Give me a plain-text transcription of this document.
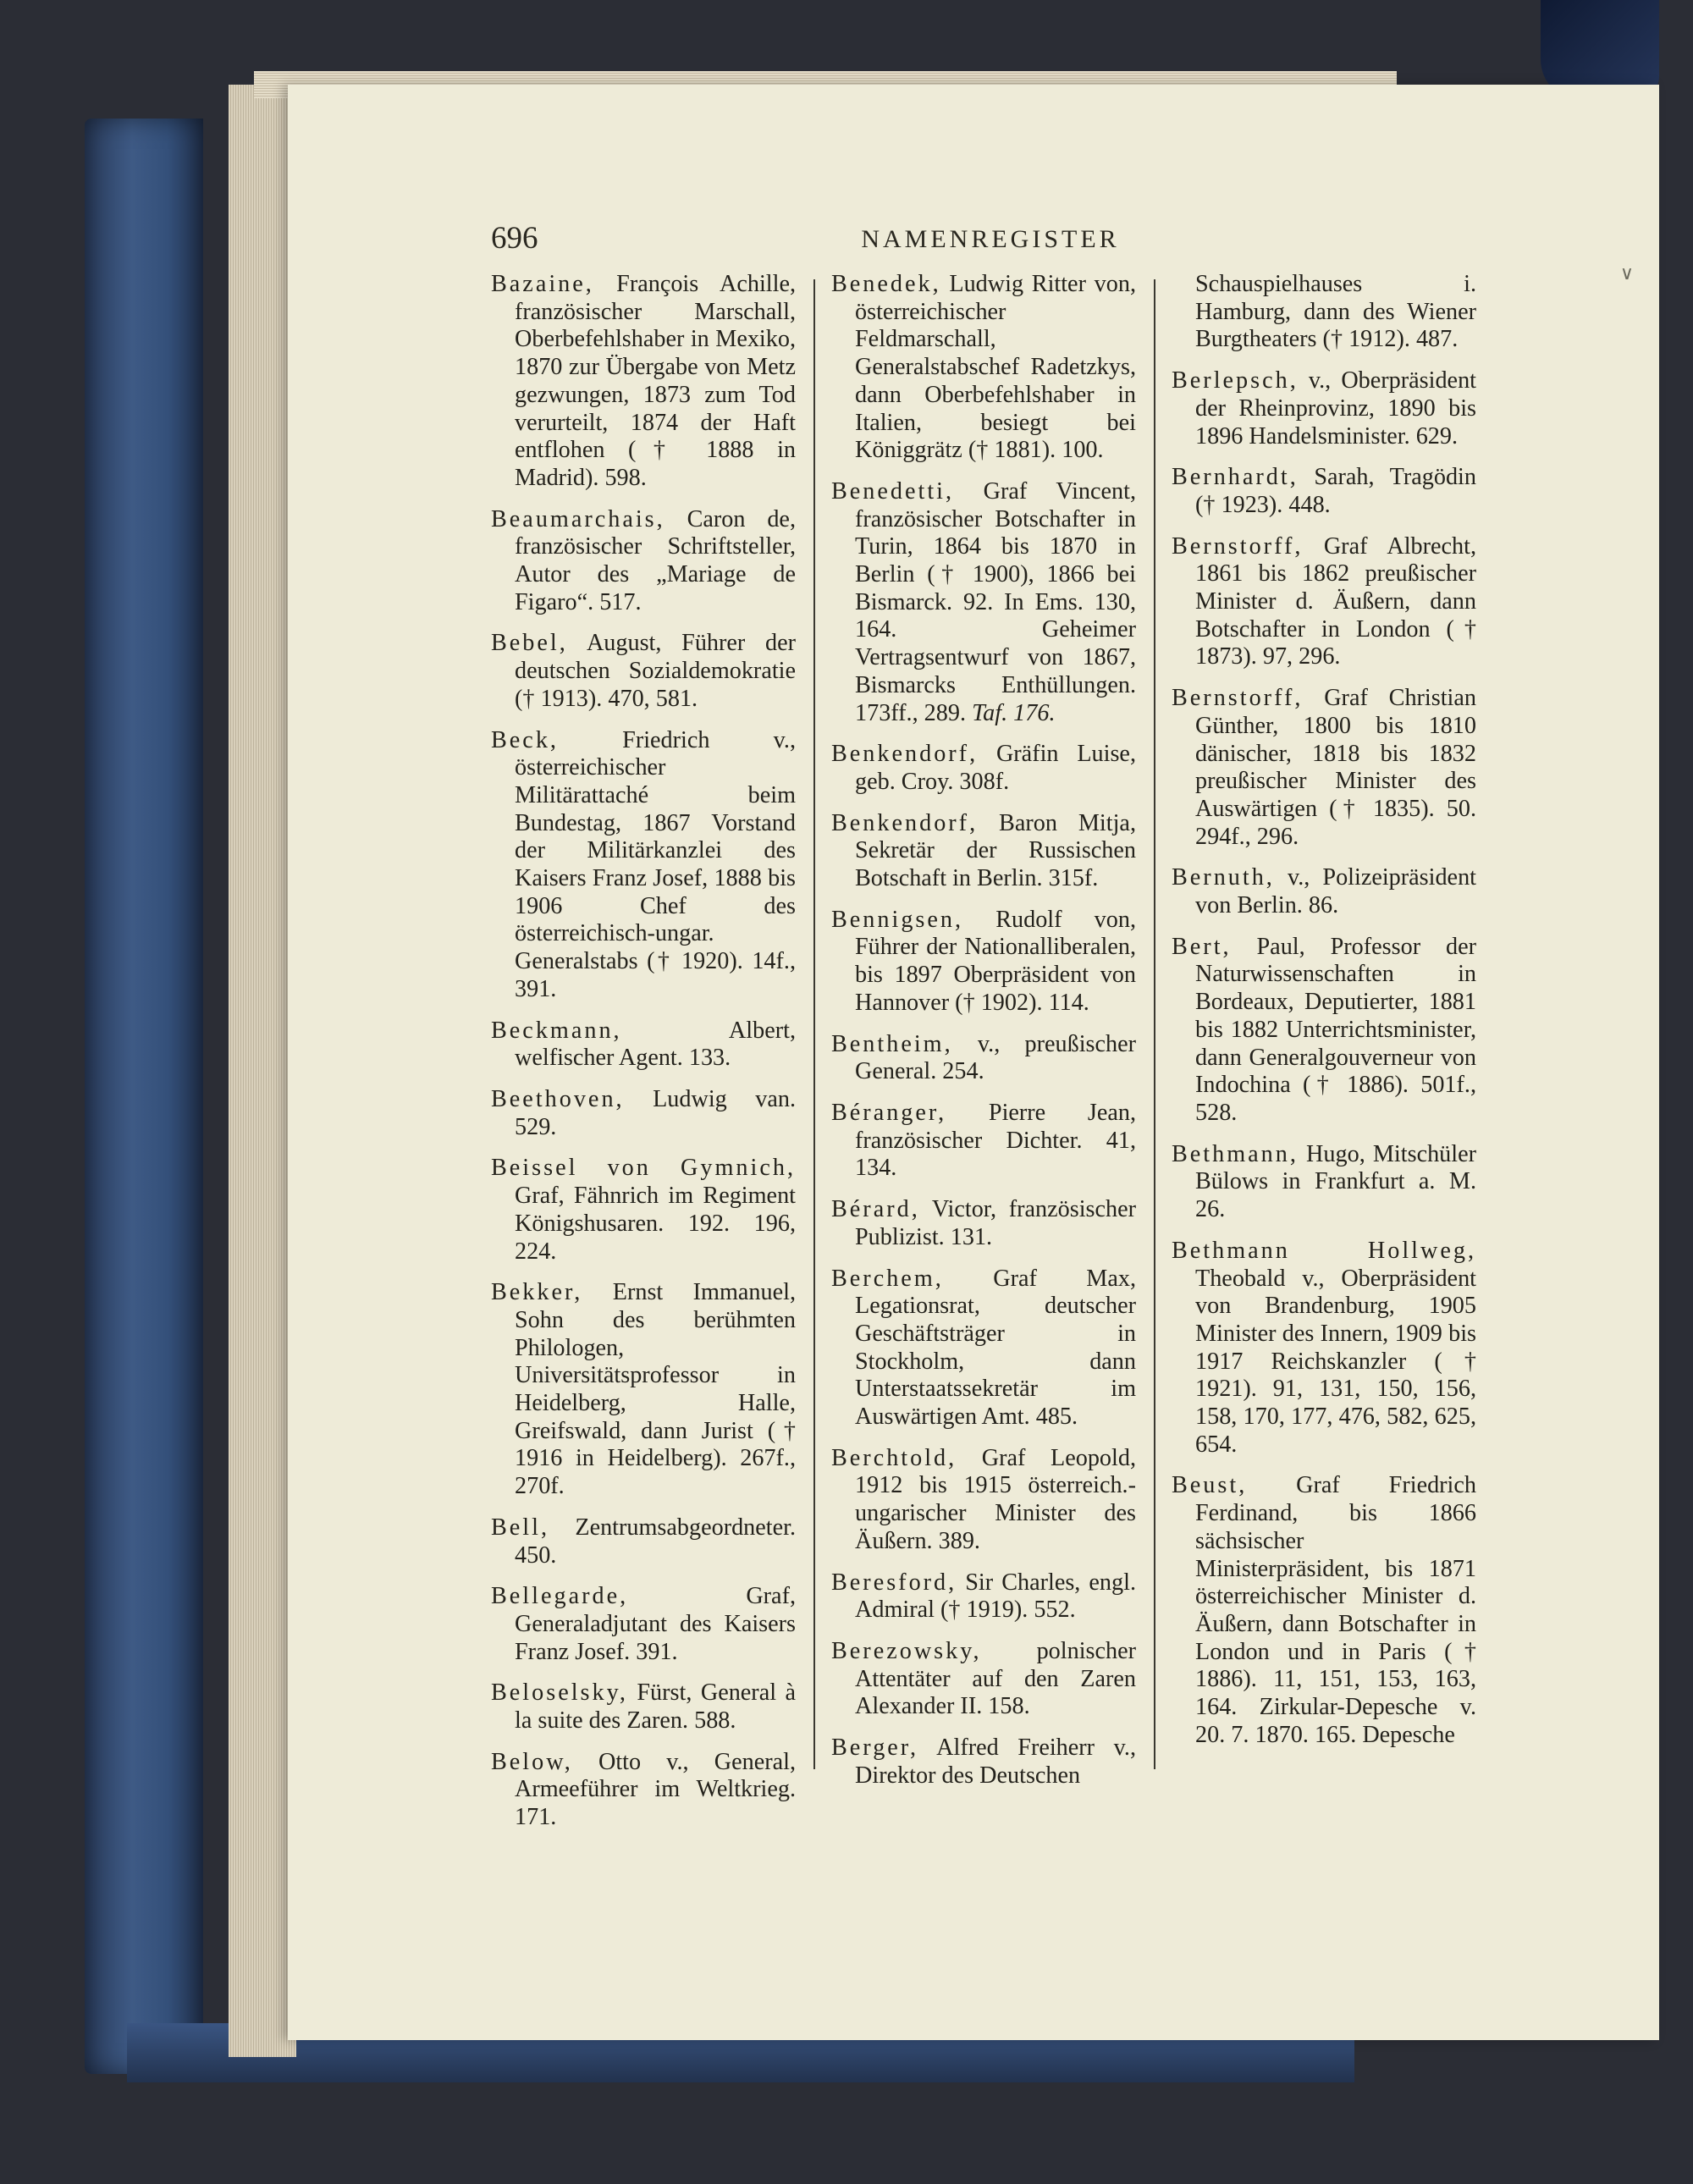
696	NAMENREGISTER

Bazaine, François Achille, französischer Marschall, Oberbefehlshaber in Mexiko, 1870 zur Übergabe von Metz gezwungen, 1873 zum Tod verurteilt, 1874 der Haft entflohen († 1888 in Madrid). 598.

Beaumarchais, Caron de, französischer Schriftsteller, Autor des „Mariage de Figaro“. 517.

Bebel, August, Führer der deutschen Sozialdemokratie († 1913). 470, 581.

Beck, Friedrich v., österreichischer Militärattaché beim Bundestag, 1867 Vorstand der Militärkanzlei des Kaisers Franz Josef, 1888 bis 1906 Chef des österreichisch-ungar. Generalstabs († 1920). 14f., 391.

Beckmann, Albert, welfischer Agent. 133.

Beethoven, Ludwig van. 529.

Beissel von Gymnich, Graf, Fähnrich im Regiment Königshusaren. 192. 196, 224.

Bekker, Ernst Immanuel, Sohn des berühmten Philologen, Universitätsprofessor in Heidelberg, Halle, Greifswald, dann Jurist († 1916 in Heidelberg). 267f., 270f.

Bell, Zentrumsabgeordneter. 450.

Bellegarde, Graf, Generaladjutant des Kaisers Franz Josef. 391.

Beloselsky, Fürst, General à la suite des Zaren. 588.

Below, Otto v., General, Armeeführer im Weltkrieg. 171.

Benedek, Ludwig Ritter von, österreichischer Feldmarschall, Generalstabschef Radetzkys, dann Oberbefehlshaber in Italien, besiegt bei Königgrätz († 1881). 100.

Benedetti, Graf Vincent, französischer Botschafter in Turin, 1864 bis 1870 in Berlin († 1900), 1866 bei Bismarck. 92. In Ems. 130, 164. Geheimer Vertragsentwurf von 1867, Bismarcks Enthüllungen. 173ff., 289. Taf. 176.

Benkendorf, Gräfin Luise, geb. Croy. 308f.

Benkendorf, Baron Mitja, Sekretär der Russischen Botschaft in Berlin. 315f.

Bennigsen, Rudolf von, Führer der Nationalliberalen, bis 1897 Oberpräsident von Hannover († 1902). 114.

Bentheim, v., preußischer General. 254.

Béranger, Pierre Jean, französischer Dichter. 41, 134.

Bérard, Victor, französischer Publizist. 131.

Berchem, Graf Max, Legationsrat, deutscher Geschäftsträger in Stockholm, dann Unterstaatssekretär im Auswärtigen Amt. 485.

Berchtold, Graf Leopold, 1912 bis 1915 österreich.-ungarischer Minister des Äußern. 389.

Beresford, Sir Charles, engl. Admiral († 1919). 552.

Berezowsky, polnischer Attentäter auf den Zaren Alexander II. 158.

Berger, Alfred Freiherr v., Direktor des Deutschen

Schauspielhauses i. Hamburg, dann des Wiener Burgtheaters († 1912). 487.

Berlepsch, v., Oberpräsident der Rheinprovinz, 1890 bis 1896 Handelsminister. 629.

Bernhardt, Sarah, Tragödin († 1923). 448.

Bernstorff, Graf Albrecht, 1861 bis 1862 preußischer Minister d. Äußern, dann Botschafter in London († 1873). 97, 296.

Bernstorff, Graf Christian Günther, 1800 bis 1810 dänischer, 1818 bis 1832 preußischer Minister des Auswärtigen († 1835). 50. 294f., 296.

Bernuth, v., Polizeipräsident von Berlin. 86.

Bert, Paul, Professor der Naturwissenschaften in Bordeaux, Deputierter, 1881 bis 1882 Unterrichtsminister, dann Generalgouverneur von Indochina († 1886). 501f., 528.

Bethmann, Hugo, Mitschüler Bülows in Frankfurt a. M. 26.

Bethmann Hollweg, Theobald v., Oberpräsident von Brandenburg, 1905 Minister des Innern, 1909 bis 1917 Reichskanzler († 1921). 91, 131, 150, 156, 158, 170, 177, 476, 582, 625, 654.

Beust, Graf Friedrich Ferdinand, bis 1866 sächsischer Ministerpräsident, bis 1871 österreichischer Minister d. Äußern, dann Botschafter in London und in Paris († 1886). 11, 151, 153, 163, 164. Zirkular-Depesche v. 20. 7. 1870. 165. Depesche

∨
